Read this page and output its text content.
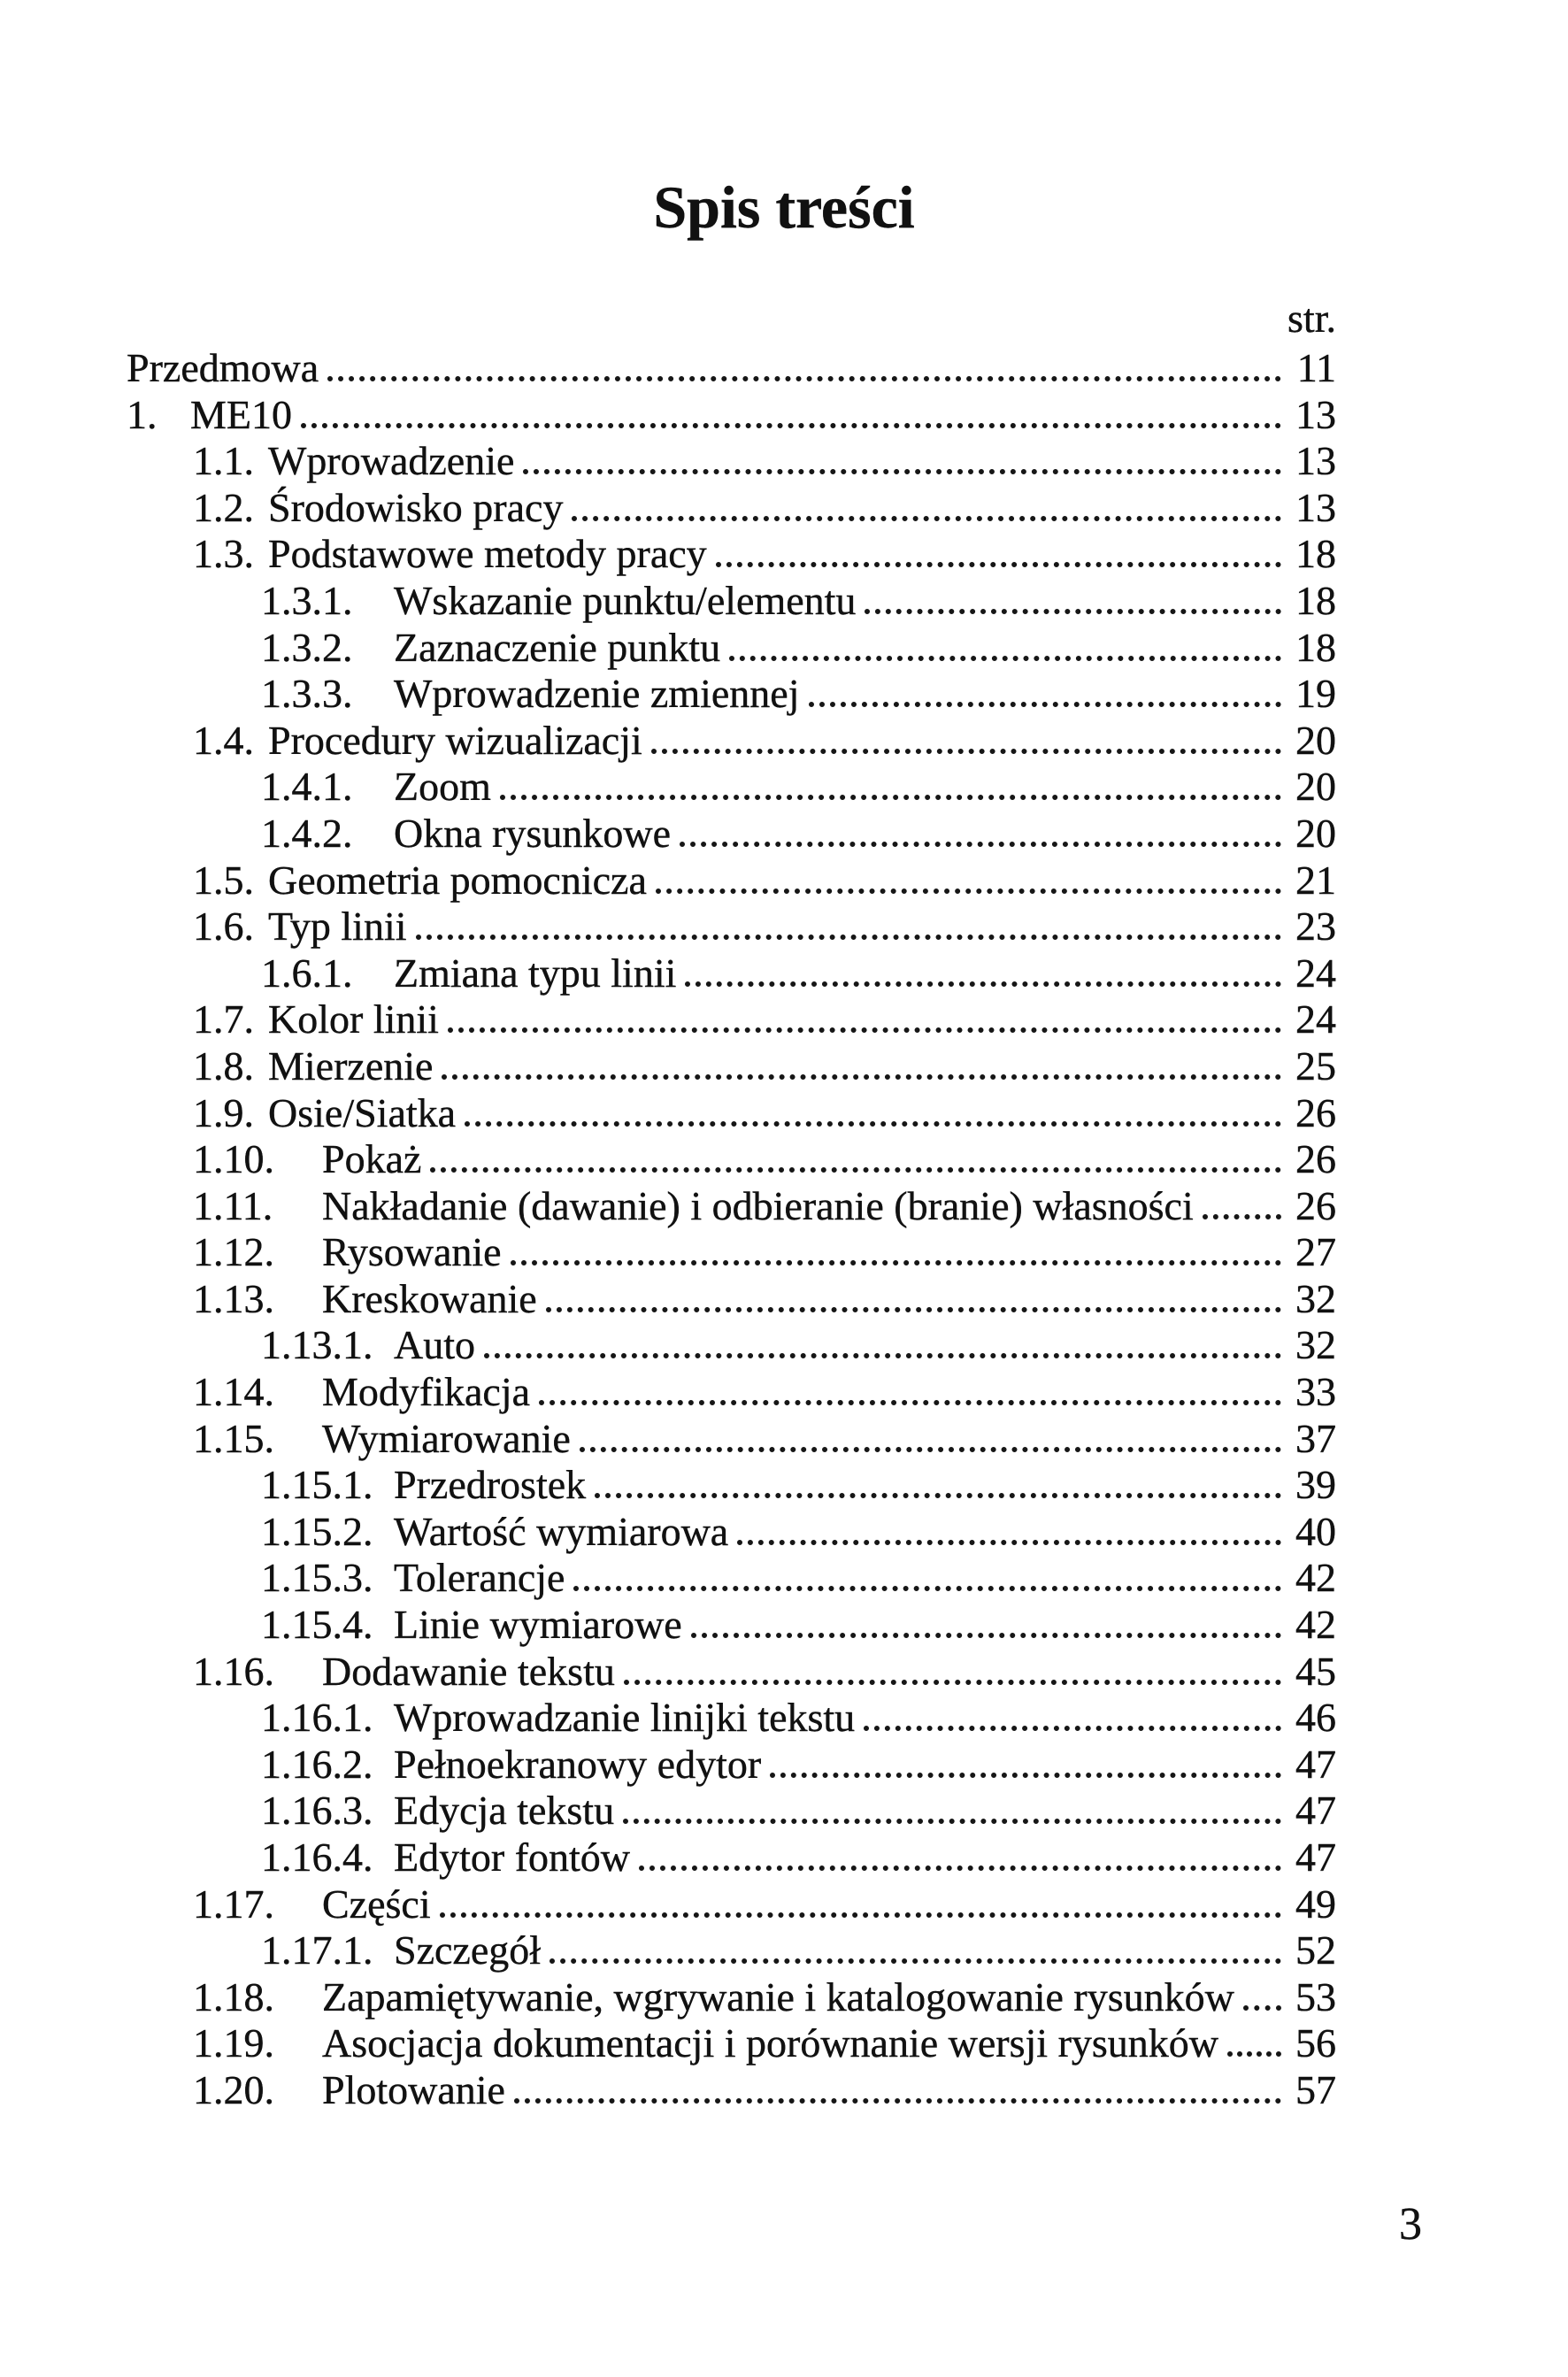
Spis treści
str.
Przedmowa	11
1. ME10	13
1.1. Wprowadzenie	13
1.2. Środowisko pracy	13
1.3. Podstawowe metody pracy	18
1.3.1.	Wskazanie punktu/elementu	18
1.3.2.	Zaznaczenie punktu	18
1.3.3.	Wprowadzenie zmiennej	19
1.4. Procedury wizualizacji	20
1.4.1.	Zoom	20
1.4.2.	Okna rysunkowe	20
1.5. Geometria pomocnicza	21
1.6. Typ linii	23
1.6.1.	Zmiana typu linii	24
1.7. Kolor linii	24
1.8. Mierzenie	25
1.9. Osie/Siatka	26
1.10.	Pokaż	26
1.11.	Nakładanie (dawanie) i odbieranie (branie) własności	26
1.12.	Rysowanie	27
1.13.	Kreskowanie	32
1.13.1. Auto	32
1.14.	Modyfikacja	33
1.15.	Wymiarowanie	37
1.15.1. Przedrostek	39
1.15.2. Wartość wymiarowa	40
1.15.3. Tolerancje	42
1.15.4. Linie wymiarowe	42
1.16.	Dodawanie tekstu	45
1.16.1. Wprowadzanie linijki tekstu	46
1.16.2. Pełnoekranowy edytor	47
1.16.3. Edycja tekstu	47
1.16.4. Edytor fontów	47
1.17.	Części	49
1.17.1. Szczegół	52
1.18.	Zapamiętywanie, wgrywanie i katalogowanie rysunków 53
1.19.	Asocjacja dokumentacji i porównanie wersji rysunków 56
1.20.	Plotowanie	57
3
